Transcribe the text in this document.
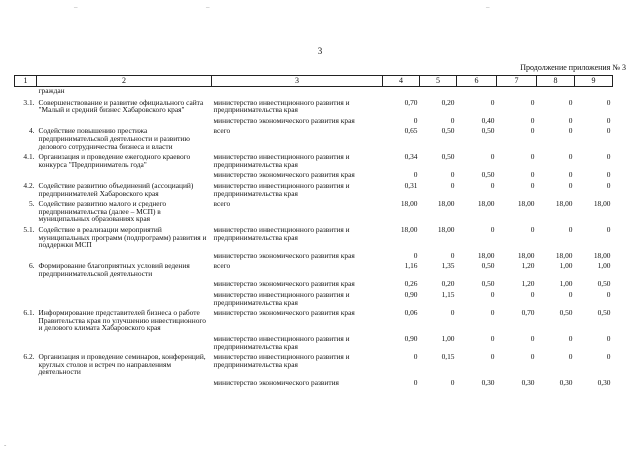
–	–	–
3
Продолжение приложения № 3
1	2	3	4	5	6	7	8	9
	граждан							
3.1.	Совершенствование и развитие официального сайта "Малый и средний бизнес Хабаровского края"	министерство инвестиционного развития и предпринимательства края	0,70	0,20	0	0	0	0
		министерство экономического развития края	0	0	0,40	0	0	0
4.	Содействие повышению престижа предпринимательской деятельности и развитию делового сотрудничества бизнеса и власти	всего	0,65	0,50	0,50	0	0	0
4.1.	Организация и проведение ежегодного краевого конкурса "Предприниматель года"	министерство инвестиционного развития и предпринимательства края	0,34	0,50	0	0	0	0
		министерство экономического развития края	0	0	0,50	0	0	0
4.2.	Содействие развитию объединений (ассоциаций) предпринимателей Хабаровского края	министерство инвестиционного развития и предпринимательства края	0,31	0	0	0	0	0
5.	Содействие развитию малого и среднего предпринимательства (далее – МСП) в муниципальных образованиях края	всего	18,00	18,00	18,00	18,00	18,00	18,00
5.1.	Содействие в реализации мероприятий муниципальных программ (подпрограмм) развития и поддержки МСП	министерство инвестиционного развития и предпринимательства края	18,00	18,00	0	0	0	0
		министерство экономического развития края	0	0	18,00	18,00	18,00	18,00
6.	Формирование благоприятных условий ведения предпринимательской деятельности	всего	1,16	1,35	0,50	1,20	1,00	1,00
		министерство экономического развития края	0,26	0,20	0,50	1,20	1,00	0,50
		министерство инвестиционного развития и предпринимательства края	0,90	1,15	0	0	0	0
6.1.	Информирование представителей бизнеса о работе Правительства края по улучшению инвестиционного и делового климата Хабаровского края	министерство экономического развития края	0,06	0	0	0,70	0,50	0,50
		министерство инвестиционного развития и предпринимательства края	0,90	1,00	0	0	0	0
6.2.	Организация и проведение семинаров, конференций, круглых столов и встреч по направлениям деятельности	министерство инвестиционного развития и предпринимательства края	0	0,15	0	0	0	0
		министерство экономического развития	0	0	0,30	0,30	0,30	0,30
-
